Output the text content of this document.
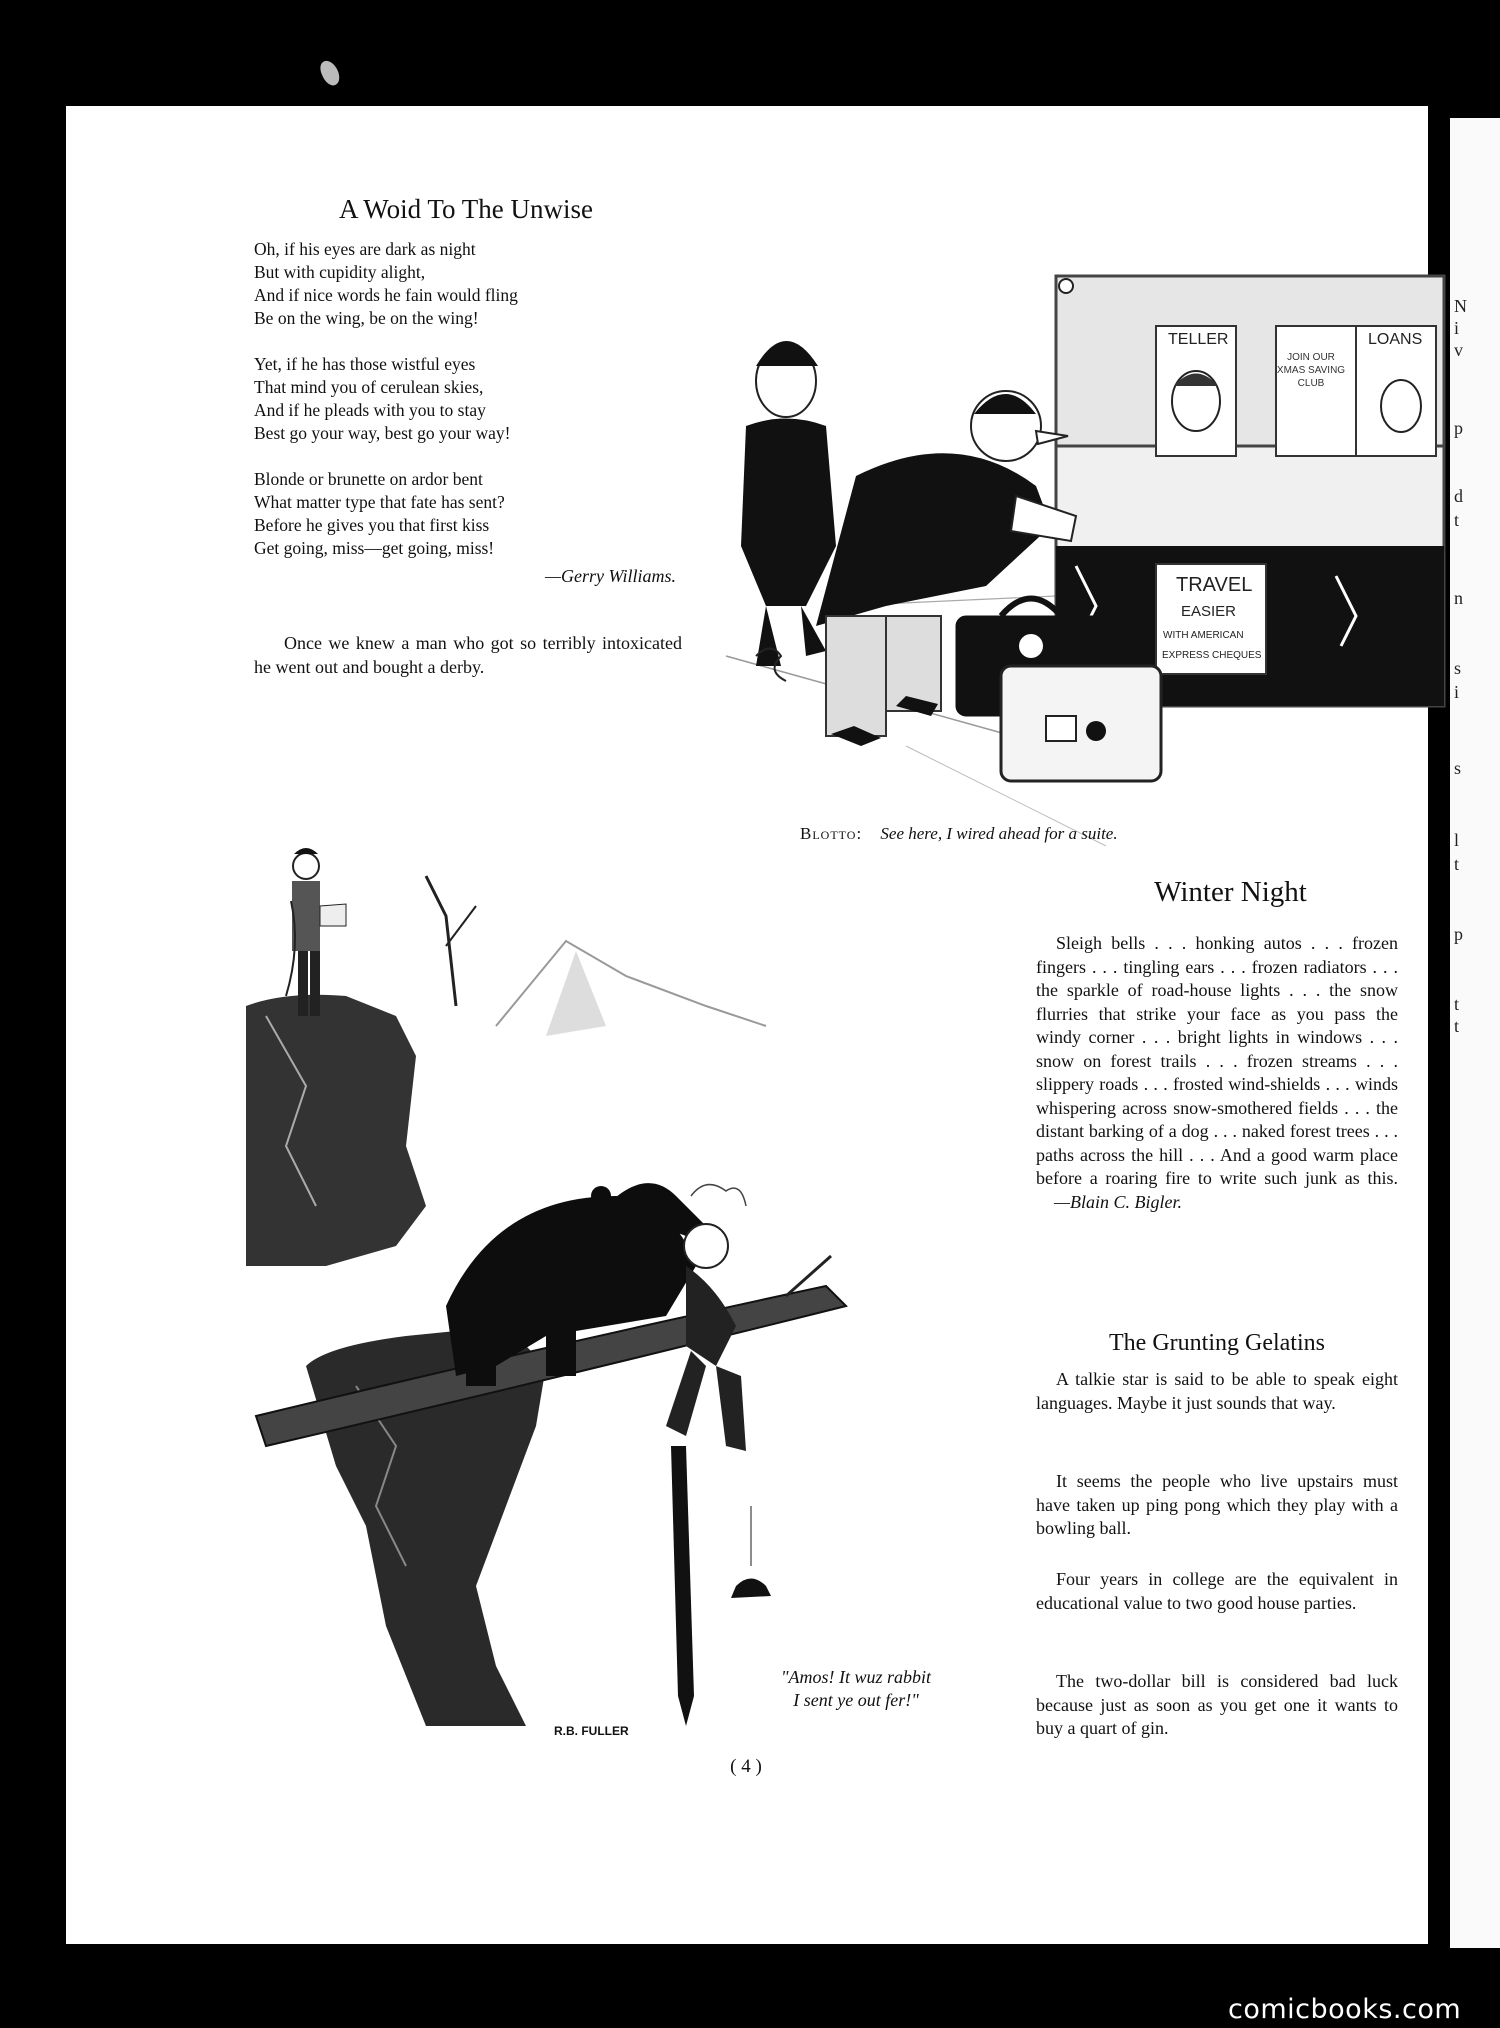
N
i
v
p
d
t
n
s
i
s
l
t
p
t
t
A Woid To The Unwise
Oh, if his eyes are dark as night
But with cupidity alight,
And if nice words he fain would fling
Be on the wing, be on the wing!

Yet, if he has those wistful eyes
That mind you of cerulean skies,
And if he pleads with you to stay
Best go your way, best go your way!

Blonde or brunette on ardor bent
What matter type that fate has sent?
Before he gives you that first kiss
Get going, miss—get going, miss!
—Gerry Williams.
Once we knew a man who got so terribly intoxicated he went out and bought a derby.
TELLER	LOANS
JOIN OUR XMAS SAVING CLUB
TRAVEL
EASIER
WITH AMERICAN
EXPRESS CHEQUES
Blotto: See here, I wired ahead for a suite.
Winter Night
Sleigh bells . . . honking autos . . . frozen fingers . . . tingling ears . . . frozen radiators . . . the sparkle of road-house lights . . . the snow flurries that strike your face as you pass the windy corner . . . bright lights in windows . . . snow on forest trails . . . frozen streams . . . slippery roads . . . frosted wind-shields . . . winds whispering across snow-smothered fields . . . the distant barking of a dog . . . naked forest trees . . . paths across the hill . . . And a good warm place before a roaring fire to write such junk as this. —Blain C. Bigler.
The Grunting Gelatins
A talkie star is said to be able to speak eight languages. Maybe it just sounds that way.
It seems the people who live upstairs must have taken up ping pong which they play with a bowling ball.
Four years in college are the equivalent in educational value to two good house parties.
The two-dollar bill is considered bad luck because just as soon as you get one it wants to buy a quart of gin.
"Amos! It wuz rabbit
I sent ye out fer!"
R.B. FULLER
( 4 )
comicbooks.com
